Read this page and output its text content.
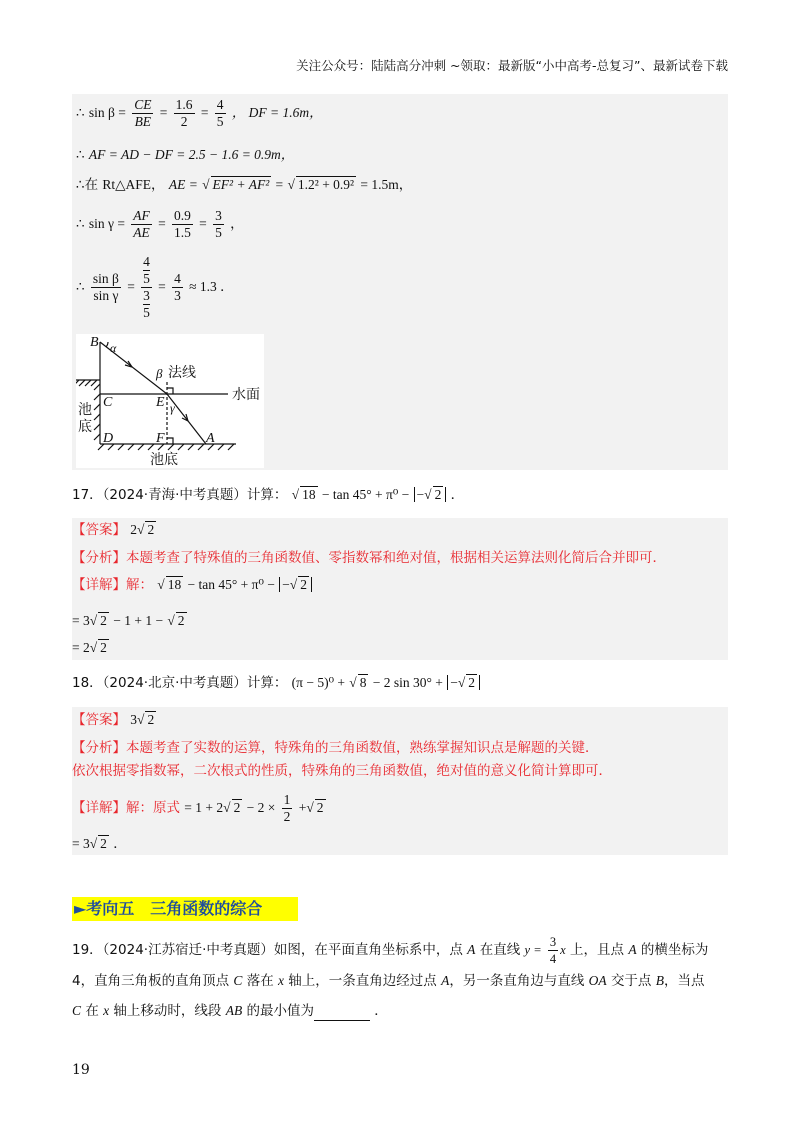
关注公众号：陆陆高分冲刺 ~领取：最新版“小中高考-总复习”、最新试卷下载
∴ $\sin \beta = \frac{CE}{BE} = \frac{1.6}{2} = \frac{4}{5}$ ， DF = 1.6m，
∴ AF = AD − DF = 2.5 − 1.6 = 0.9m，
∴在 Rt△AFE， AE = √ EF² + AF² = √ 1.2² + 0.9² = 1.5m，
∴ $\sin \gamma = \frac{AF}{AE} = \frac{0.9}{1.5} = \frac{3}{5}$ ，
∴ $\frac{\text{sin β}}{\text{sin γ}} = 4$
5
3
$5 = \frac{4}{3} \approx 1.3$ ．
B α
β 法线
水面
C	E γ
池
底
D	F	A
池底
17．（2024·青海·中考真题）计算： √ 18 − tan 45° + π⁰ − −√ 2 ．
【答案】 2√ 2
【分析】本题考查了特殊值的三角函数值、零指数幂和绝对值，根据相关运算法则化简后合并即可．
【详解】解： √ 18 − tan 45° + π⁰ − −√ 2
= 3√ 2 − 1 + 1 − √ 2
= 2√ 2
18．（2024·北京·中考真题）计算： (π − 5)⁰ + √ 8 − 2 sin 30° + −√ 2
【答案】 3√ 2
【分析】本题考查了实数的运算，特殊角的三角函数值，熟练掌握知识点是解题的关键．
依次根据零指数幂，二次根式的性质，特殊角的三角函数值，绝对值的意义化简计算即可．
【详解】解：原式 = 1 + 2√ $2 - 2 \times \frac{1}{2}$ +√ 2
= 3√ 2 ．
►考向五　三角函数的综合
19．（2024·江苏宿迁·中考真题）如图，在平面直角坐标系中，点 A 在直线 $y = \frac{3}{4}$ x 上，且点 A 的横坐标为
4，直角三角板的直角顶点 C 落在 x 轴上，一条直角边经过点 A，另一条直角边与直线 OA 交于点 B，当点
C 在 x 轴上移动时，线段 AB 的最小值为	．
19
